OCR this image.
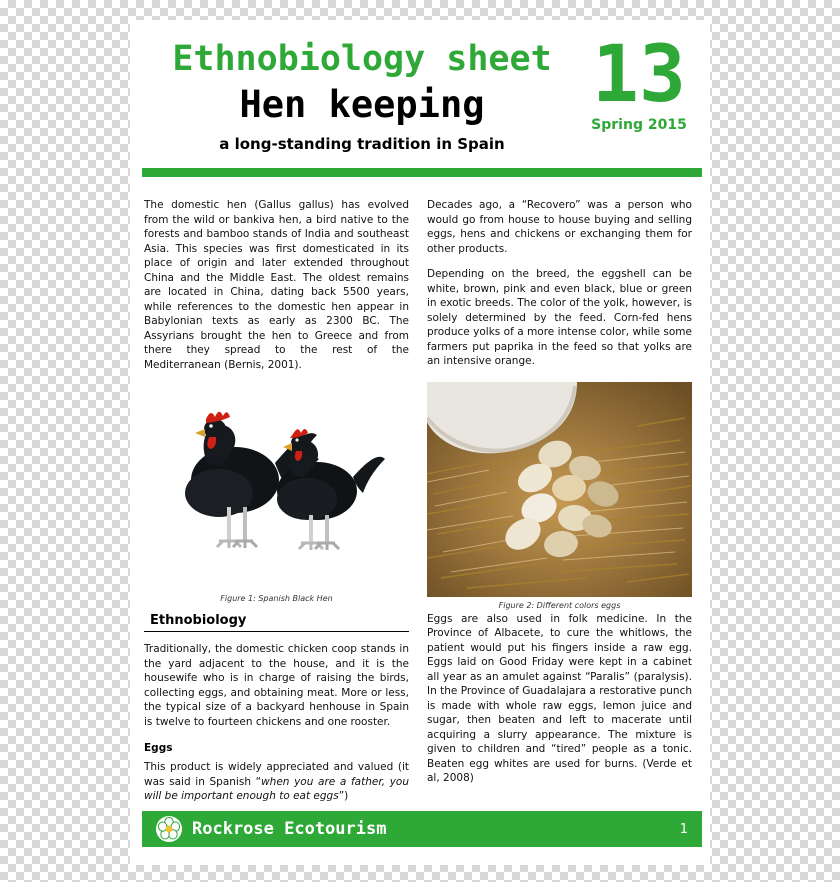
Ethnobiology sheet
Hen keeping
a long-standing tradition in Spain
13
Spring 2015

The domestic hen (Gallus gallus) has evolved from the wild or bankiva hen, a bird native to the forests and bamboo stands of India and southeast Asia. This species was first domesticated in its place of origin and later extended throughout China and the Middle East. The oldest remains are located in China, dating back 5500 years, while references to the domestic hen appear in Babylonian texts as early as 2300 BC. The Assyrians brought the hen to Greece and from there they spread to the rest of the Mediterranean (Bernis, 2001).

Figure 1: Spanish Black Hen
Ethnobiology

Traditionally, the domestic chicken coop stands in the yard adjacent to the house, and it is the housewife who is in charge of raising the birds, collecting eggs, and obtaining meat. More or less, the typical size of a backyard henhouse in Spain is twelve to fourteen chickens and one rooster.

Eggs

This product is widely appreciated and valued (it was said in Spanish “when you are a father, you will be important enough to eat eggs”)

Decades ago, a “Recovero” was a person who would go from house to house buying and selling eggs, hens and chickens or exchanging them for other products.

Depending on the breed, the eggshell can be white, brown, pink and even black, blue or green in exotic breeds. The color of the yolk, however, is solely determined by the feed. Corn-fed hens produce yolks of a more intense color, while some farmers put paprika in the feed so that yolks are an intensive orange.

Figure 2: Different colors eggs

Eggs are also used in folk medicine. In the Province of Albacete, to cure the whitlows, the patient would put his fingers inside a raw egg. Eggs laid on Good Friday were kept in a cabinet all year as an amulet against “Paralis” (paralysis). In the Province of Guadalajara a restorative punch is made with whole raw eggs, lemon juice and sugar, then beaten and left to macerate until acquiring a slurry appearance. The mixture is given to children and “tired” people as a tonic. Beaten egg whites are used for burns. (Verde et al, 2008)

Rockrose Ecotourism	1
